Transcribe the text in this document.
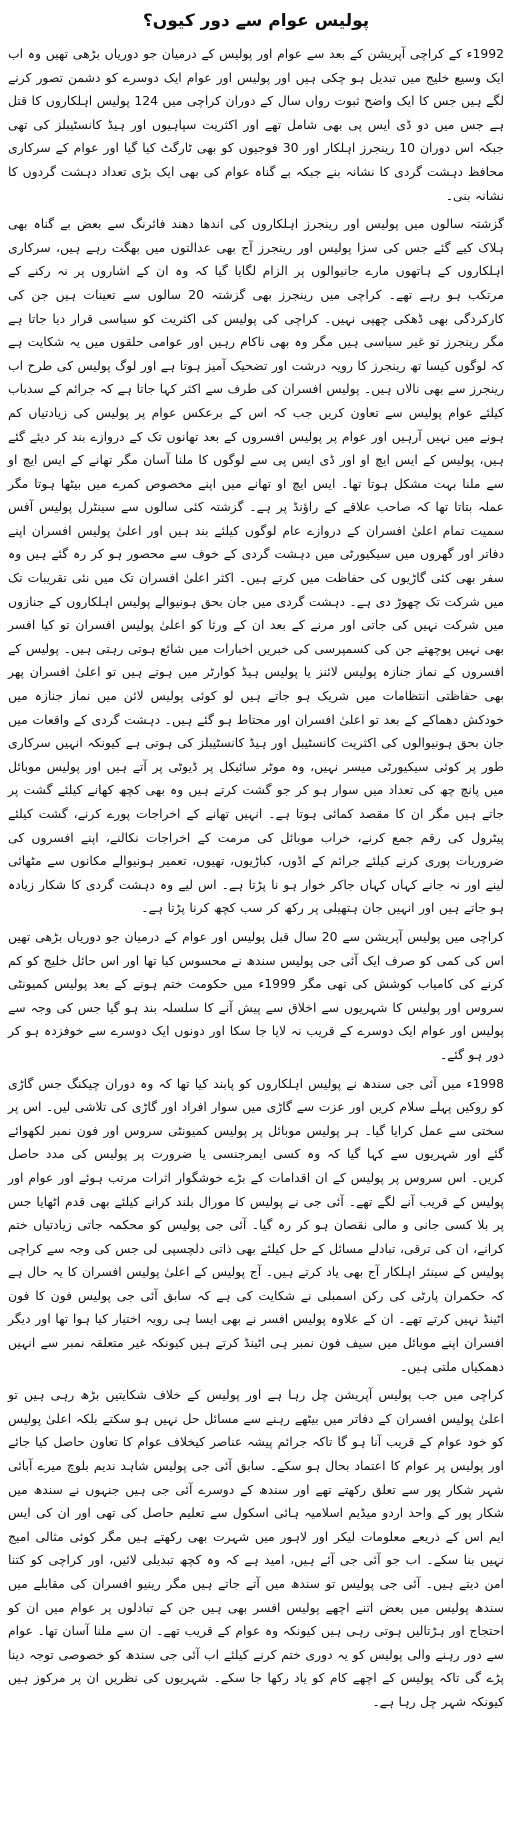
پولیس عوام سے دور کیوں؟

1992ء کے کراچی آپریشن کے بعد سے عوام اور پولیس کے درمیان جو دوریاں بڑھی تھیں وہ اب ایک وسیع خلیج میں تبدیل ہو چکی ہیں اور پولیس اور عوام ایک دوسرے کو دشمن تصور کرنے لگے ہیں جس کا ایک واضح ثبوت رواں سال کے دوران کراچی میں 124 پولیس اہلکاروں کا قتل ہے جس میں دو ڈی ایس پی بھی شامل تھے اور اکثریت سپاہیوں اور ہیڈ کانسٹیبلز کی تھی جبکہ اس دوران 10 رینجرز اہلکار اور 30 فوجیوں کو بھی ٹارگٹ کیا گیا اور عوام کے سرکاری محافظ دہشت گردی کا نشانہ بنے جبکہ بے گناہ عوام کی بھی ایک بڑی تعداد دہشت گردوں کا نشانہ بنی۔

گزشتہ سالوں میں پولیس اور رینجرز اہلکاروں کی اندھا دھند فائرنگ سے بعض بے گناہ بھی ہلاک کیے گئے جس کی سزا پولیس اور رینجرز آج بھی عدالتوں میں بھگت رہے ہیں، سرکاری اہلکاروں کے ہاتھوں مارے جانیوالوں پر الزام لگایا گیا کہ وہ ان کے اشاروں پر نہ رکنے کے مرتکب ہو رہے تھے۔ کراچی میں رینجرز بھی گزشتہ 20 سالوں سے تعینات ہیں جن کی کارکردگی بھی ڈھکی چھپی نہیں۔ کراچی کی پولیس کی اکثریت کو سیاسی قرار دیا جاتا ہے مگر رینجرز تو غیر سیاسی ہیں مگر وہ بھی ناکام رہیں اور عوامی حلقوں میں یہ شکایت ہے کہ لوگوں کیسا تھ رینجرز کا رویہ درشت اور تضحیک آمیز ہوتا ہے اور لوگ پولیس کی طرح اب رینجرز سے بھی نالاں ہیں۔ پولیس افسران کی طرف سے اکثر کہا جاتا ہے کہ جرائم کے سدباب کیلئے عوام پولیس سے تعاون کریں جب کہ اس کے برعکس عوام پر پولیس کی زیادتیاں کم ہونے میں نہیں آرہیں اور عوام پر پولیس افسروں کے بعد تھانوں تک کے دروازے بند کر دیئے گئے ہیں، پولیس کے ایس ایچ او اور ڈی ایس پی سے لوگوں کا ملنا آسان مگر تھانے کے ایس ایچ او سے ملنا بہت مشکل ہوتا تھا۔ ایس ایچ او تھانے میں اپنے مخصوص کمرے میں بیٹھا ہوتا مگر عملہ بتاتا تھا کہ صاحب علاقے کے راؤنڈ پر ہے۔ گزشتہ کئی سالوں سے سینٹرل پولیس آفس سمیت تمام اعلیٰ افسران کے دروازے عام لوگوں کیلئے بند ہیں اور اعلیٰ پولیس افسران اپنے دفاتر اور گھروں میں سیکیورٹی میں دہشت گردی کے خوف سے محصور ہو کر رہ گئے ہیں وہ سفر بھی کئی گاڑیوں کی حفاظت میں کرتے ہیں۔ اکثر اعلیٰ افسران تک میں نئی تقریبات تک میں شرکت تک چھوڑ دی ہے۔ دہشت گردی میں جان بحق ہونیوالے پولیس اہلکاروں کے جنازوں میں شرکت نہیں کی جاتی اور مرنے کے بعد ان کے ورثا کو اعلیٰ پولیس افسران تو کیا افسر بھی نہیں پوچھتے جن کی کسمپرسی کی خبریں اخبارات میں شائع ہوتی رہتی ہیں۔ پولیس کے افسروں کے نماز جنازہ پولیس لائنز یا پولیس ہیڈ کوارٹر میں ہوتے ہیں تو اعلیٰ افسران پھر بھی حفاظتی انتظامات میں شریک ہو جاتے ہیں لو کوئی پولیس لائن میں نماز جنازہ میں خودکش دھماکے کے بعد تو اعلیٰ افسران اور محتاط ہو گئے ہیں۔ دہشت گردی کے واقعات میں جان بحق ہونیوالوں کی اکثریت کانسٹیبل اور ہیڈ کانسٹیبلز کی ہوتی ہے کیونکہ انہیں سرکاری طور پر کوئی سیکیورٹی میسر نہیں، وہ موٹر سائیکل پر ڈیوٹی پر آتے ہیں اور پولیس موبائل میں پانچ چھ کی تعداد میں سوار ہو کر جو گشت کرتے ہیں وہ بھی کچھ کھانے کیلئے گشت پر جاتے ہیں مگر ان کا مقصد کمائی ہوتا ہے۔ انہیں تھانے کے اخراجات پورے کرنے، گشت کیلئے پیٹرول کی رقم جمع کرنے، خراب موبائل کی مرمت کے اخراجات نکالنے، اپنے افسروں کی ضروریات پوری کرنے کیلئے جرائم کے اڈوں، کباڑیوں، تھیوں، تعمیر ہونیوالے مکانوں سے مٹھائی لینے اور نہ جانے کہاں کہاں جاکر خوار ہو نا پڑتا ہے۔ اس لیے وہ دہشت گردی کا شکار زیادہ ہو جاتے ہیں اور انہیں جان ہتھیلی پر رکھ کر سب کچھ کرنا پڑتا ہے۔

کراچی میں پولیس آپریشن سے 20 سال قبل پولیس اور عوام کے درمیان جو دوریاں بڑھی تھیں اس کی کمی کو صرف ایک آئی جی پولیس سندھ نے محسوس کیا تھا اور اس حائل خلیج کو کم کرنے کی کامیاب کوشش کی تھی مگر 1999ء میں حکومت ختم ہونے کے بعد پولیس کمیونٹی سروس اور پولیس کا شہریوں سے اخلاق سے پیش آنے کا سلسلہ بند ہو گیا جس کی وجہ سے پولیس اور عوام ایک دوسرے کے قریب نہ لایا جا سکا اور دونوں ایک دوسرے سے خوفزدہ ہو کر دور ہو گئے۔

1998ء میں آئی جی سندھ نے پولیس اہلکاروں کو پابند کیا تھا کہ وہ دوران چیکنگ جس گاڑی کو روکیں پہلے سلام کریں اور عزت سے گاڑی میں سوار افراد اور گاڑی کی تلاشی لیں۔ اس پر سختی سے عمل کرایا گیا۔ ہر پولیس موبائل پر پولیس کمیونٹی سروس اور فون نمبر لکھوائے گئے اور شہریوں سے کہا گیا کہ وہ کسی ایمرجنسی یا ضرورت پر پولیس کی مدد حاصل کریں۔ اس سروس پر پولیس کے ان اقدامات کے بڑے خوشگوار اثرات مرتب ہوئے اور عوام اور پولیس کے قریب آنے لگے تھے۔ آئی جی نے پولیس کا مورال بلند کرانے کیلئے بھی قدم اٹھایا جس پر بلا کسی جانی و مالی نقصان ہو کر رہ گیا۔ آئی جی پولیس کو محکمہ جاتی زیادتیاں ختم کرانے، ان کی ترقی، تبادلے مسائل کے حل کیلئے بھی ذاتی دلچسپی لی جس کی وجہ سے کراچی پولیس کے سینئر اہلکار آج بھی یاد کرتے ہیں۔ آج پولیس کے اعلیٰ پولیس افسران کا یہ حال ہے کہ حکمران پارٹی کی رکن اسمبلی نے شکایت کی ہے کہ سابق آئی جی پولیس فون کا فون اٹینڈ نہیں کرتے تھے۔ ان کے علاوہ پولیس افسر نے بھی ایسا ہی رویہ اختیار کیا ہوا تھا اور دیگر افسران اپنے موبائل میں سیف فون نمبر ہی اٹینڈ کرتے ہیں کیونکہ غیر متعلقہ نمبر سے انہیں دھمکیاں ملتی ہیں۔

کراچی میں جب پولیس آپریشن چل رہا ہے اور پولیس کے خلاف شکایتیں بڑھ رہی ہیں تو اعلیٰ پولیس افسران کے دفاتر میں بیٹھے رہنے سے مسائل حل نہیں ہو سکتے بلکہ اعلیٰ پولیس کو خود عوام کے قریب آنا ہو گا تاکہ جرائم پیشہ عناصر کیخلاف عوام کا تعاون حاصل کیا جائے اور پولیس پر عوام کا اعتماد بحال ہو سکے۔ سابق آئی جی پولیس شاہد ندیم بلوچ میرے آبائی شہر شکار پور سے تعلق رکھتے تھے اور سندھ کے دوسرے آئی جی ہیں جنہوں نے سندھ میں شکار پور کے واحد اردو میڈیم اسلامیہ ہائی اسکول سے تعلیم حاصل کی تھی اور ان کی ایس ایم اس کے ذریعے معلومات لیکر اور لاہور میں شہرت بھی رکھتے ہیں مگر کوئی مثالی امیج نہیں بنا سکے۔ اب جو آئی جی آئے ہیں، امید ہے کہ وہ کچھ تبدیلی لائیں، اور کراچی کو کتنا امن دیتے ہیں۔ آئی جی پولیس تو سندھ میں آتے جاتے ہیں مگر رینیو افسران کی مقابلے میں سندھ پولیس میں بعض اتنے اچھے پولیس افسر بھی ہیں جن کے تبادلوں پر عوام میں ان کو احتجاج اور ہڑتالیں ہوتی رہی ہیں کیونکہ وہ عوام کے قریب تھے۔ ان سے ملنا آسان تھا۔ عوام سے دور رہنے والی پولیس کو یہ دوری ختم کرنے کیلئے اب آئی جی سندھ کو خصوصی توجہ دینا پڑے گی تاکہ پولیس کے اچھے کام کو یاد رکھا جا سکے۔ شہریوں کی نظریں ان پر مرکوز ہیں کیونکہ شہر چل رہا ہے۔
